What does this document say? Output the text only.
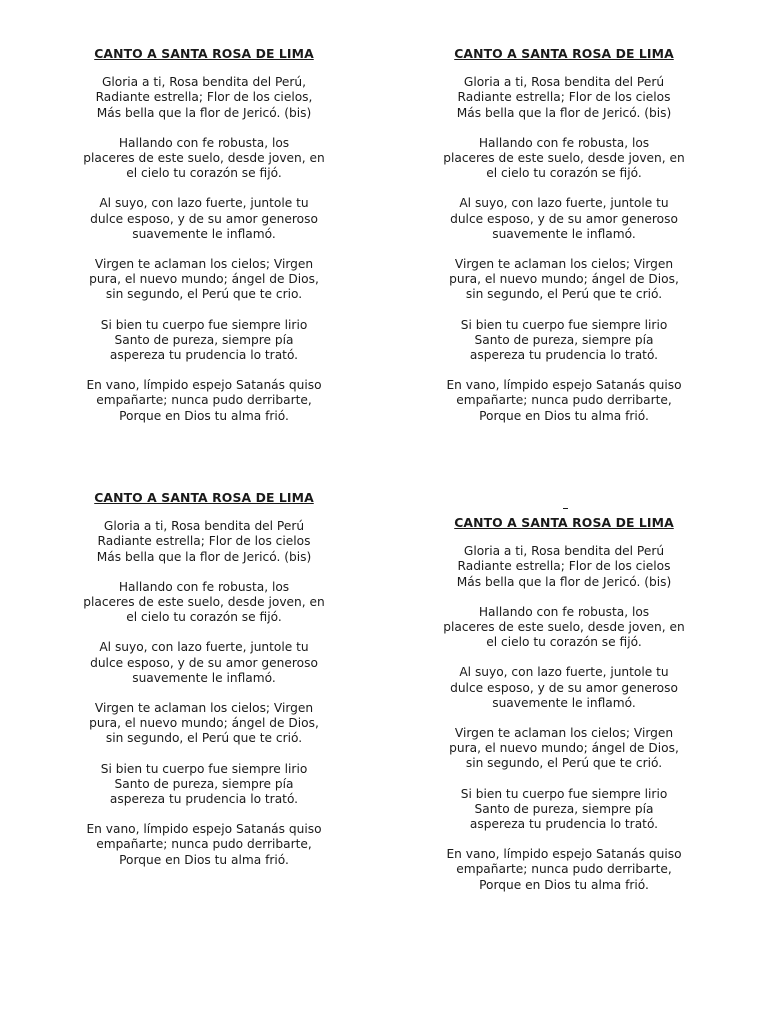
CANTO A SANTA ROSA DE LIMA
Gloria a ti, Rosa bendita del Perú,
Radiante estrella; Flor de los cielos,
Más bella que la flor de Jericó. (bis)
Hallando con fe robusta, los
placeres de este suelo, desde joven, en
el cielo tu corazón se fijó.
Al suyo, con lazo fuerte, juntole tu
dulce esposo, y de su amor generoso
suavemente le inflamó.
Virgen te aclaman los cielos; Virgen
pura, el nuevo mundo; ángel de Dios,
sin segundo, el Perú que te crio.
Si bien tu cuerpo fue siempre lirio
Santo de pureza, siempre pía
aspereza tu prudencia lo trató.
En vano, límpido espejo Satanás quiso
empañarte; nunca pudo derribarte,
Porque en Dios tu alma frió.
CANTO A SANTA ROSA DE LIMA
Gloria a ti, Rosa bendita del Perú
Radiante estrella; Flor de los cielos
Más bella que la flor de Jericó. (bis)
Hallando con fe robusta, los
placeres de este suelo, desde joven, en
el cielo tu corazón se fijó.
Al suyo, con lazo fuerte, juntole tu
dulce esposo, y de su amor generoso
suavemente le inflamó.
Virgen te aclaman los cielos; Virgen
pura, el nuevo mundo; ángel de Dios,
sin segundo, el Perú que te crió.
Si bien tu cuerpo fue siempre lirio
Santo de pureza, siempre pía
aspereza tu prudencia lo trató.
En vano, límpido espejo Satanás quiso
empañarte; nunca pudo derribarte,
Porque en Dios tu alma frió.
CANTO A SANTA ROSA DE LIMA
Gloria a ti, Rosa bendita del Perú
Radiante estrella; Flor de los cielos
Más bella que la flor de Jericó. (bis)
Hallando con fe robusta, los
placeres de este suelo, desde joven, en
el cielo tu corazón se fijó.
Al suyo, con lazo fuerte, juntole tu
dulce esposo, y de su amor generoso
suavemente le inflamó.
Virgen te aclaman los cielos; Virgen
pura, el nuevo mundo; ángel de Dios,
sin segundo, el Perú que te crió.
Si bien tu cuerpo fue siempre lirio
Santo de pureza, siempre pía
aspereza tu prudencia lo trató.
En vano, límpido espejo Satanás quiso
empañarte; nunca pudo derribarte,
Porque en Dios tu alma frió.
CANTO A SANTA ROSA DE LIMA
Gloria a ti, Rosa bendita del Perú
Radiante estrella; Flor de los cielos
Más bella que la flor de Jericó. (bis)
Hallando con fe robusta, los
placeres de este suelo, desde joven, en
el cielo tu corazón se fijó.
Al suyo, con lazo fuerte, juntole tu
dulce esposo, y de su amor generoso
suavemente le inflamó.
Virgen te aclaman los cielos; Virgen
pura, el nuevo mundo; ángel de Dios,
sin segundo, el Perú que te crió.
Si bien tu cuerpo fue siempre lirio
Santo de pureza, siempre pía
aspereza tu prudencia lo trató.
En vano, límpido espejo Satanás quiso
empañarte; nunca pudo derribarte,
Porque en Dios tu alma frió.
